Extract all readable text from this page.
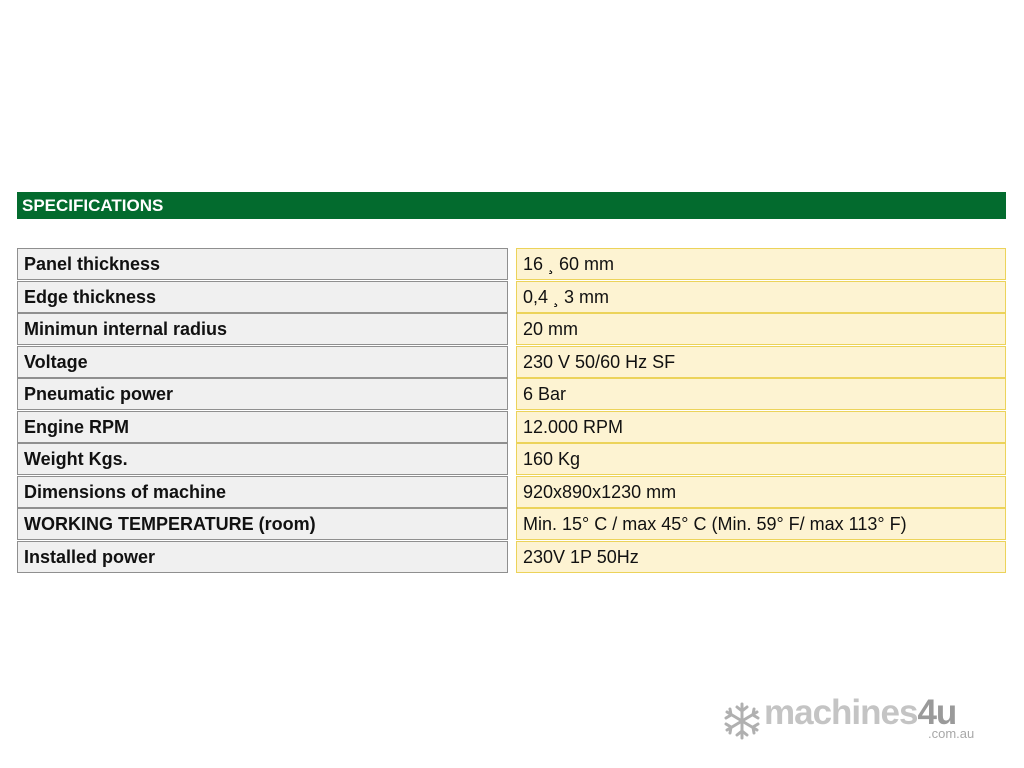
SPECIFICATIONS
Panel thickness	16 ¸ 60 mm
Edge thickness	0,4 ¸ 3 mm
Minimun internal radius	20 mm
Voltage	230 V 50/60 Hz SF
Pneumatic power	6 Bar
Engine RPM	12.000 RPM
Weight Kgs.	160 Kg
Dimensions of machine	920x890x1230 mm
WORKING TEMPERATURE (room)	Min. 15° C / max 45° C (Min. 59° F/ max 113° F)
Installed power	230V 1P 50Hz
machines4u
.com.au
